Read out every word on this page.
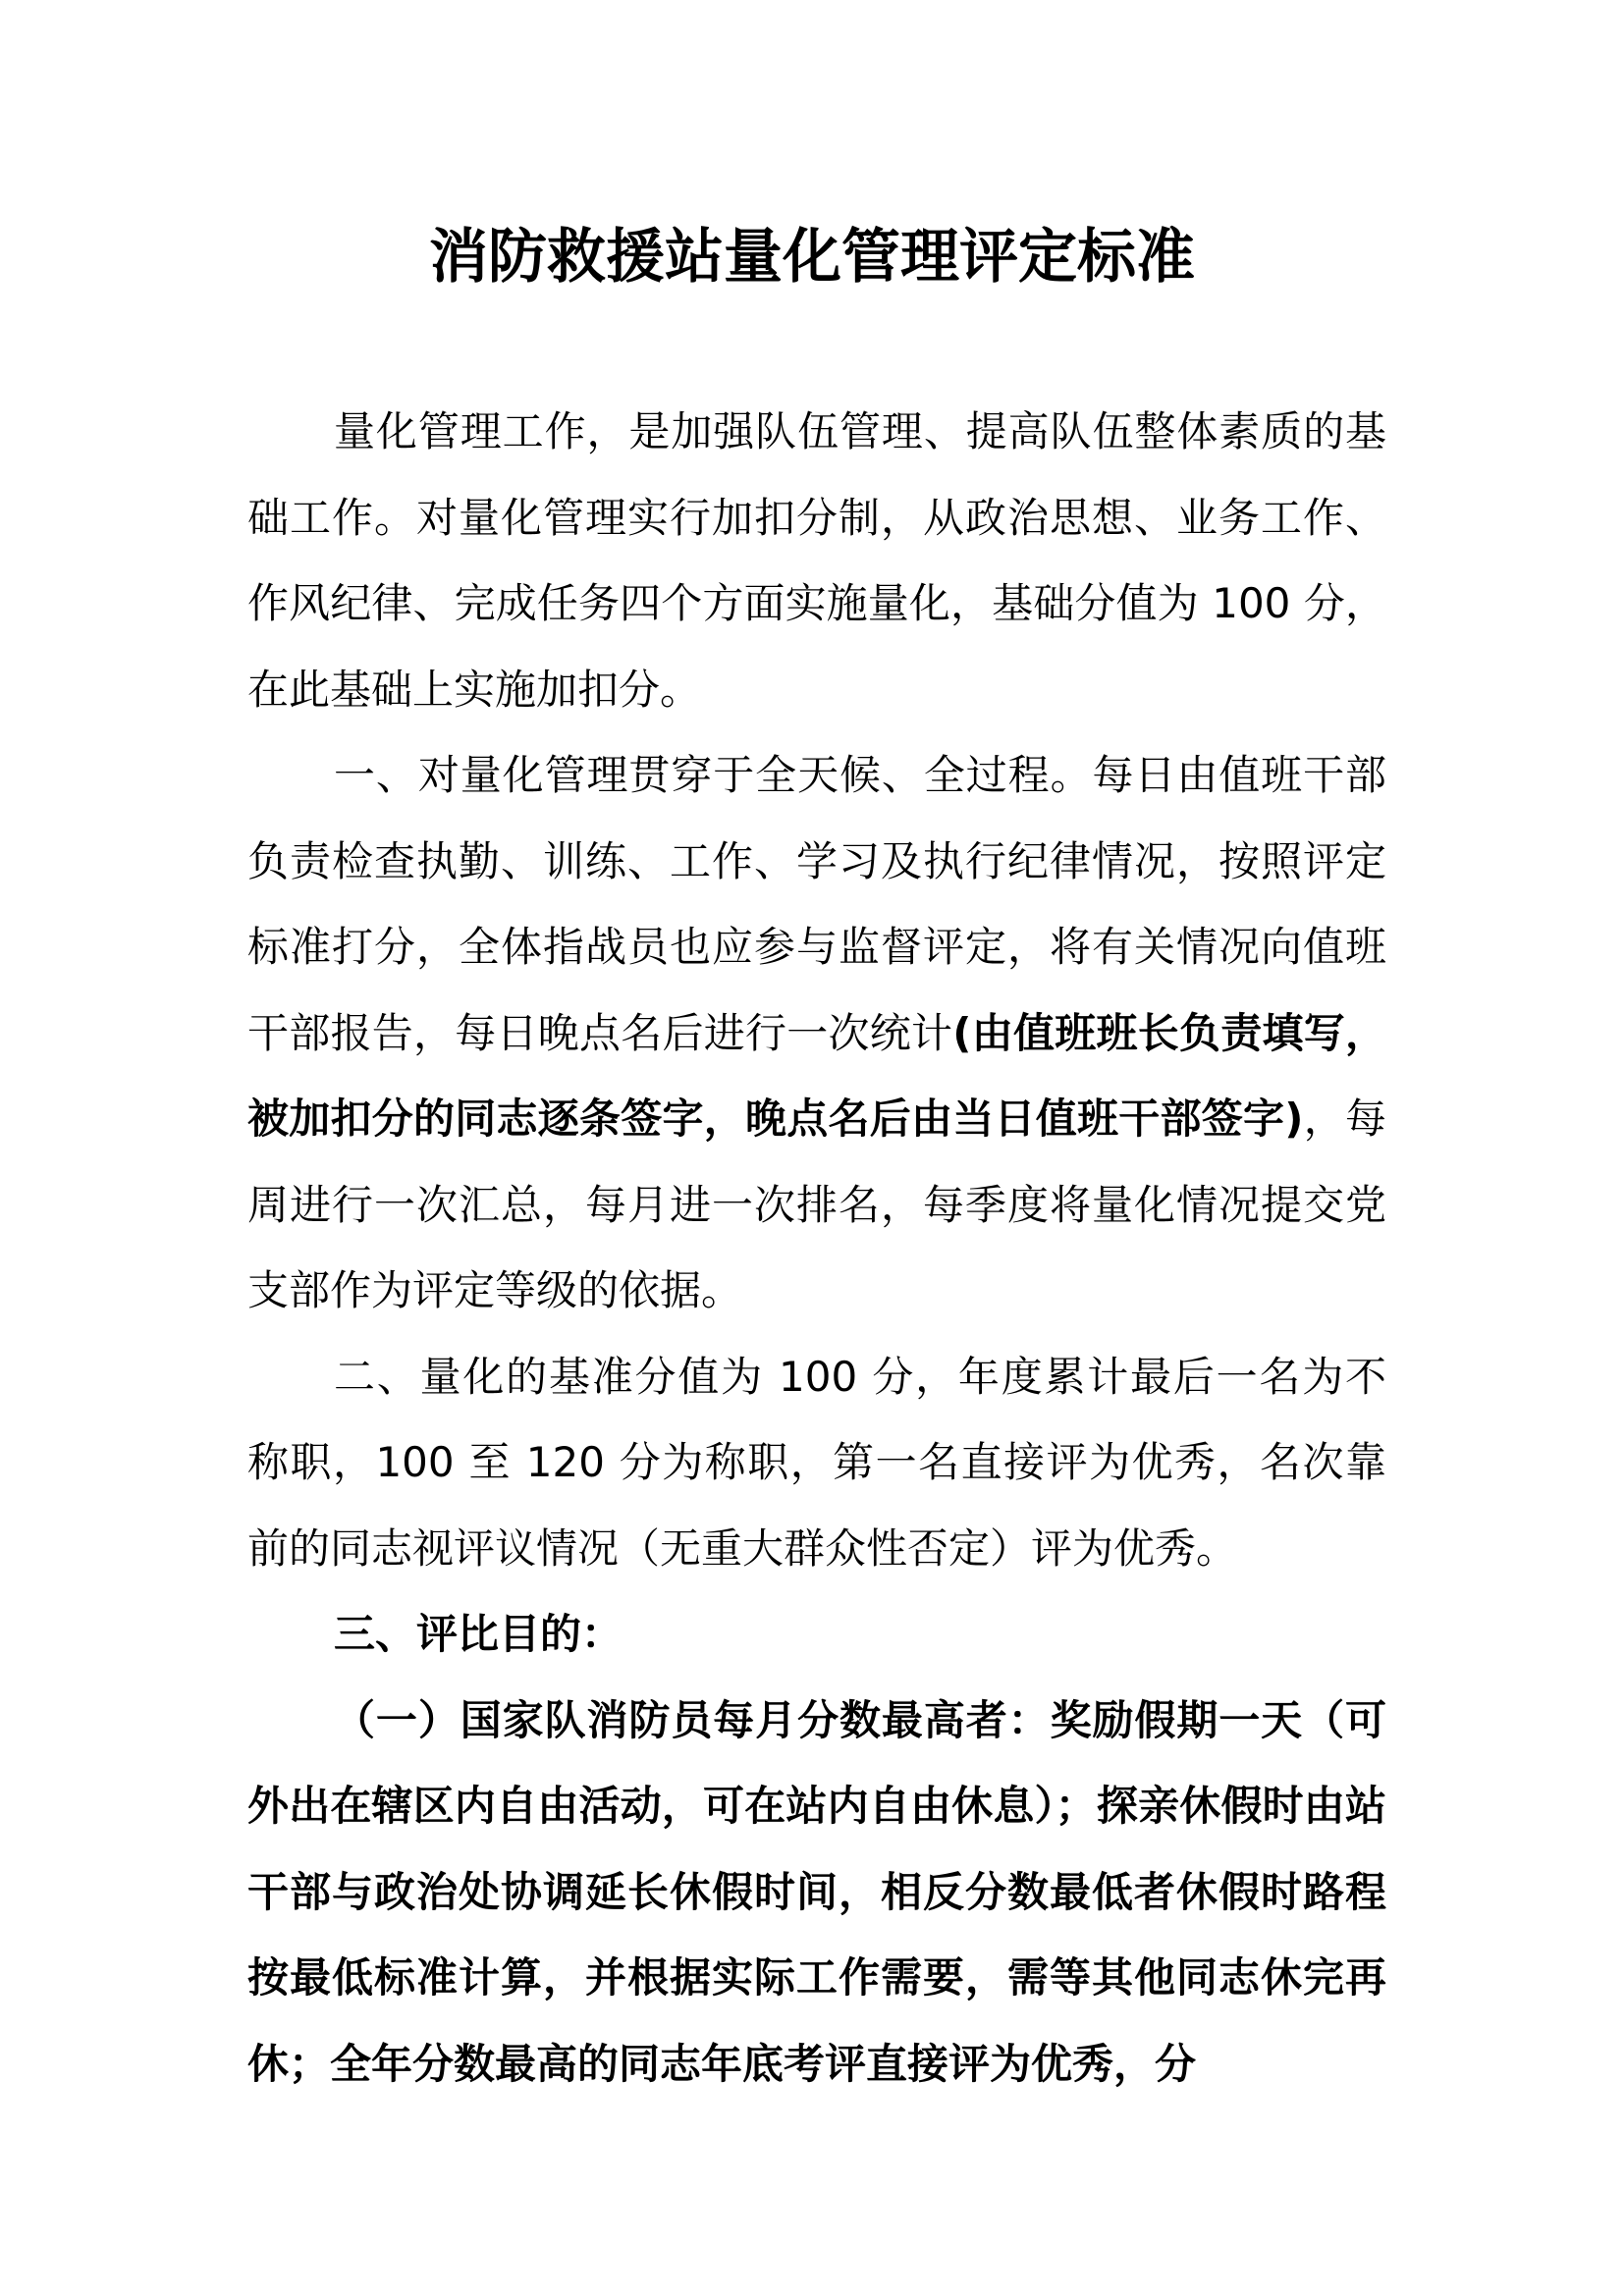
消防救援站量化管理评定标准

量化管理工作，是加强队伍管理、提高队伍整体素质的基础工作。对量化管理实行加扣分制，从政治思想、业务工作、作风纪律、完成任务四个方面实施量化，基础分值为 100 分，在此基础上实施加扣分。

一、对量化管理贯穿于全天候、全过程。每日由值班干部负责检查执勤、训练、工作、学习及执行纪律情况，按照评定标准打分，全体指战员也应参与监督评定，将有关情况向值班干部报告，每日晚点名后进行一次统计(由值班班长负责填写，被加扣分的同志逐条签字，晚点名后由当日值班干部签字)，每周进行一次汇总，每月进一次排名，每季度将量化情况提交党支部作为评定等级的依据。

二、量化的基准分值为 100 分，年度累计最后一名为不称职，100 至 120 分为称职，第一名直接评为优秀，名次靠前的同志视评议情况（无重大群众性否定）评为优秀。

三、评比目的：

（一）国家队消防员每月分数最高者：奖励假期一天（可外出在辖区内自由活动，可在站内自由休息）；探亲休假时由站干部与政治处协调延长休假时间，相反分数最低者休假时路程按最低标准计算，并根据实际工作需要，需等其他同志休完再休；全年分数最高的同志年底考评直接评为优秀，分
